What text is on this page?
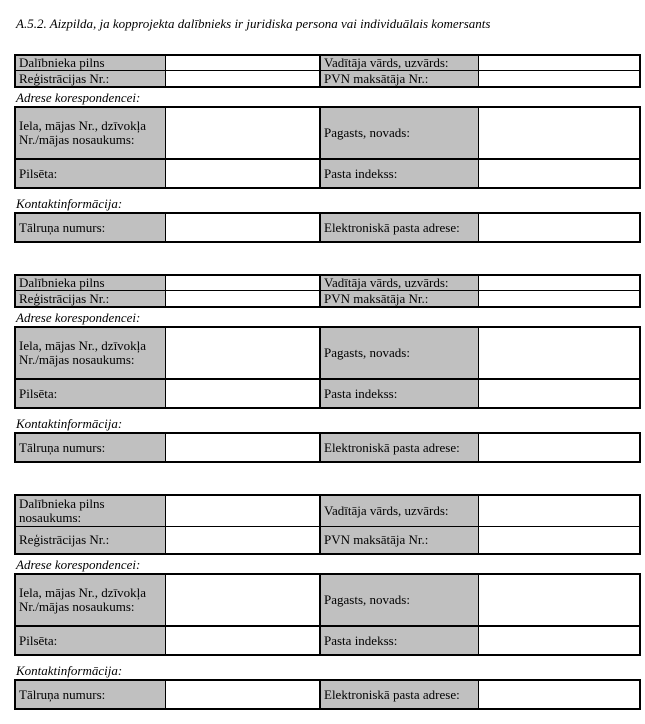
A.5.2. Aizpilda, ja kopprojekta dalībnieks ir juridiska persona vai individuālais komersants
Dalībnieka pilns	Vadītāja vārds, uzvārds:
Reģistrācijas Nr.:	PVN maksātāja Nr.:
Adrese korespondencei:
Iela, mājas Nr., dzīvokļa Nr./mājas nosaukums:	Pagasts, novads:
Pilsēta:	Pasta indekss:
Kontaktinformācija:
Tālruņa numurs:	Elektroniskā pasta adrese:
Dalībnieka pilns	Vadītāja vārds, uzvārds:
Reģistrācijas Nr.:	PVN maksātāja Nr.:
Adrese korespondencei:
Iela, mājas Nr., dzīvokļa Nr./mājas nosaukums:	Pagasts, novads:
Pilsēta:	Pasta indekss:
Kontaktinformācija:
Tālruņa numurs:	Elektroniskā pasta adrese:
Dalībnieka pilns nosaukums:	Vadītāja vārds, uzvārds:
Reģistrācijas Nr.:	PVN maksātāja Nr.:
Adrese korespondencei:
Iela, mājas Nr., dzīvokļa Nr./mājas nosaukums:	Pagasts, novads:
Pilsēta:	Pasta indekss:
Kontaktinformācija:
Tālruņa numurs:	Elektroniskā pasta adrese:
